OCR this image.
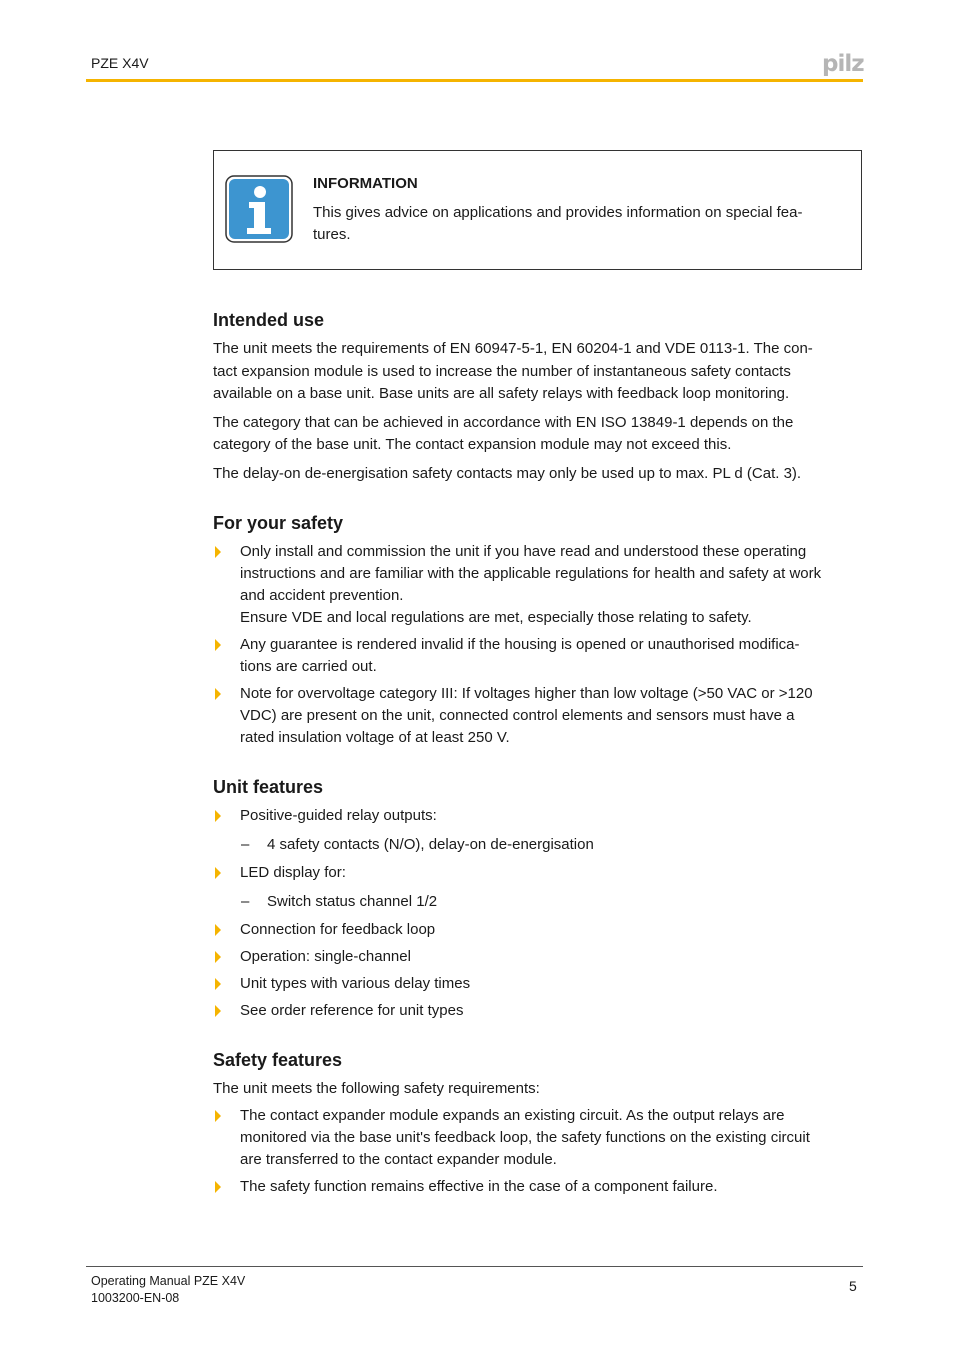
PZE X4V	pilz
INFORMATION
This gives advice on applications and provides information on special fea-
tures.
Intended use

The unit meets the requirements of EN 60947-5-1, EN 60204-1 and VDE 0113-1. The con-
tact expansion module is used to increase the number of instantaneous safety contacts
available on a base unit. Base units are all safety relays with feedback loop monitoring.

The category that can be achieved in accordance with EN ISO 13849-1 depends on the
category of the base unit. The contact expansion module may not exceed this.

The delay-on de-energisation safety contacts may only be used up to max. PL d (Cat. 3).

For your safety
Only install and commission the unit if you have read and understood these operating
instructions and are familiar with the applicable regulations for health and safety at work
and accident prevention.
Ensure VDE and local regulations are met, especially those relating to safety.
Any guarantee is rendered invalid if the housing is opened or unauthorised modifica-
tions are carried out.
Note for overvoltage category III: If voltages higher than low voltage (>50 VAC or >120
VDC) are present on the unit, connected control elements and sensors must have a
rated insulation voltage of at least 250 V.
Unit features
Positive-guided relay outputs:
– 4 safety contacts (N/O), delay-on de-energisation
LED display for:
– Switch status channel 1/2
Connection for feedback loop
Operation: single-channel
Unit types with various delay times
See order reference for unit types
Safety features

The unit meets the following safety requirements:

The contact expander module expands an existing circuit. As the output relays are
monitored via the base unit's feedback loop, the safety functions on the existing circuit
are transferred to the contact expander module.
The safety function remains effective in the case of a component failure.
Operating Manual PZE X4V
1003200-EN-08
5
